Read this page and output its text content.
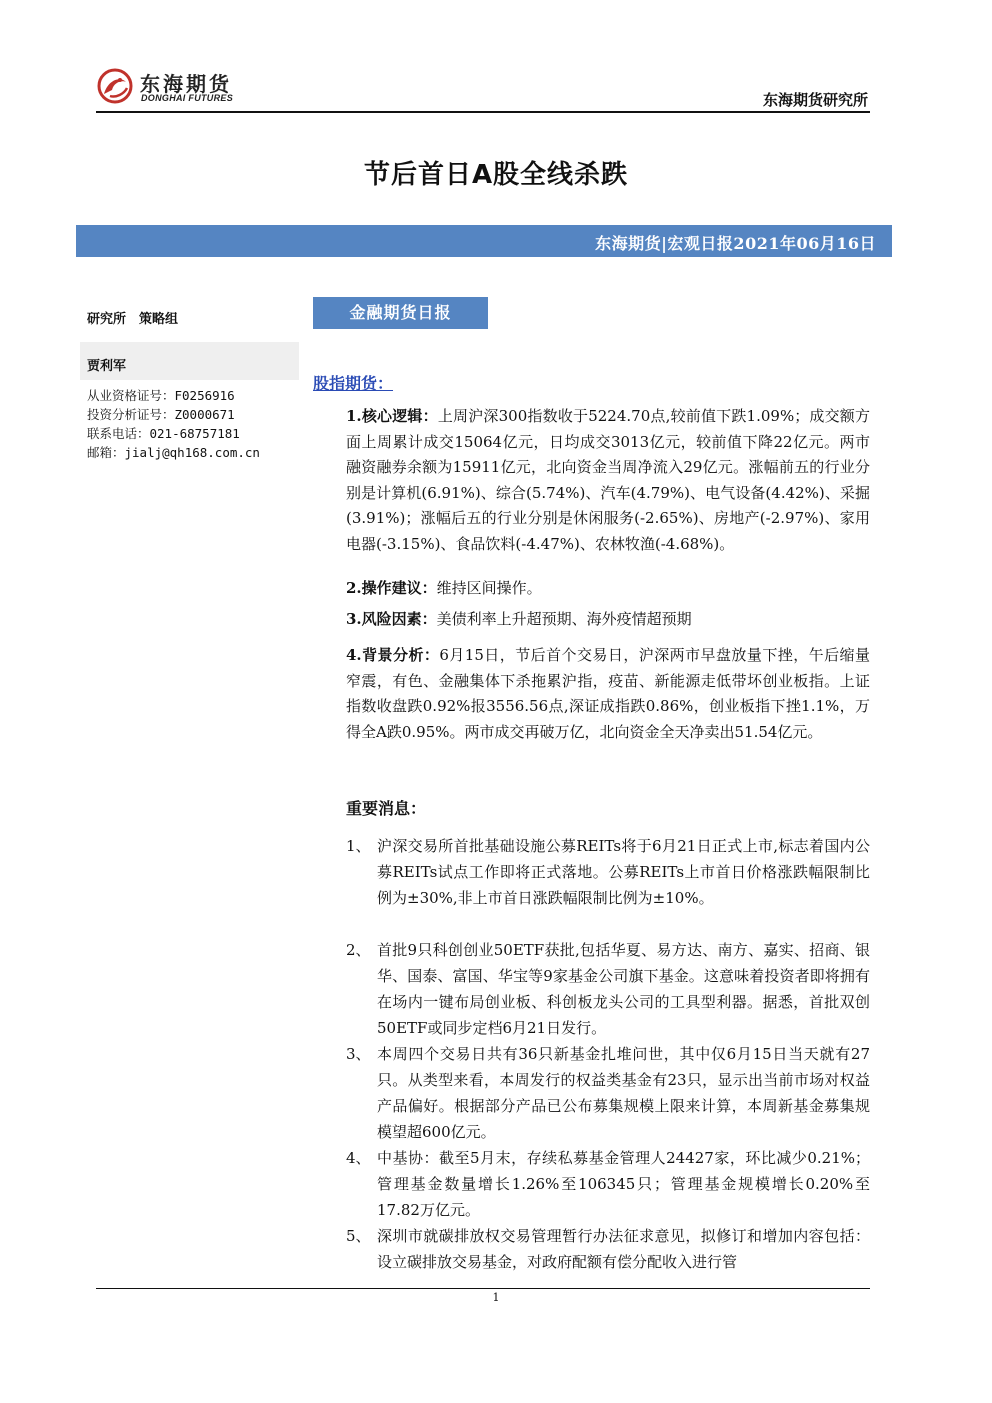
东海期货
DONGHAI FUTURES	东海期货研究所
节后首日A股全线杀跌
东海期货|宏观日报2021年06月16日
研究所　策略组
贾利军
从业资格证号：F0256916
投资分析证号：Z0000671
联系电话：021-68757181
邮箱：jialj@qh168.com.cn
金融期货日报
股指期货：
1.核心逻辑：上周沪深300指数收于5224.70点,较前值下跌1.09%；成交额方面上周累计成交15064亿元，日均成交3013亿元，较前值下降22亿元。两市融资融券余额为15911亿元，北向资金当周净流入29亿元。涨幅前五的行业分别是计算机(6.91%)、综合(5.74%)、汽车(4.79%)、电气设备(4.42%)、采掘(3.91%)；涨幅后五的行业分别是休闲服务(-2.65%)、房地产(-2.97%)、家用电器(-3.15%)、食品饮料(-4.47%)、农林牧渔(-4.68%)。
2.操作建议：维持区间操作。
3.风险因素：美债利率上升超预期、海外疫情超预期
4.背景分析：6月15日，节后首个交易日，沪深两市早盘放量下挫，午后缩量窄震，有色、金融集体下杀拖累沪指，疫苗、新能源走低带坏创业板指。上证指数收盘跌0.92%报3556.56点,深证成指跌0.86%，创业板指下挫1.1%，万得全A跌0.95%。两市成交再破万亿，北向资金全天净卖出51.54亿元。
重要消息：
1、 沪深交易所首批基础设施公募REITs将于6月21日正式上市,标志着国内公募REITs试点工作即将正式落地。公募REITs上市首日价格涨跌幅限制比例为±30%,非上市首日涨跌幅限制比例为±10%。
2、 首批9只科创创业50ETF获批,包括华夏、易方达、南方、嘉实、招商、银华、国泰、富国、华宝等9家基金公司旗下基金。这意味着投资者即将拥有在场内一键布局创业板、科创板龙头公司的工具型利器。据悉，首批双创50ETF或同步定档6月21日发行。
3、 本周四个交易日共有36只新基金扎堆问世，其中仅6月15日当天就有27只。从类型来看，本周发行的权益类基金有23只，显示出当前市场对权益产品偏好。根据部分产品已公布募集规模上限来计算，本周新基金募集规模望超600亿元。
4、 中基协：截至5月末，存续私募基金管理人24427家，环比减少0.21%；管理基金数量增长1.26%至106345只；管理基金规模增长0.20%至17.82万亿元。
5、 深圳市就碳排放权交易管理暂行办法征求意见，拟修订和增加内容包括：设立碳排放交易基金，对政府配额有偿分配收入进行管
1
